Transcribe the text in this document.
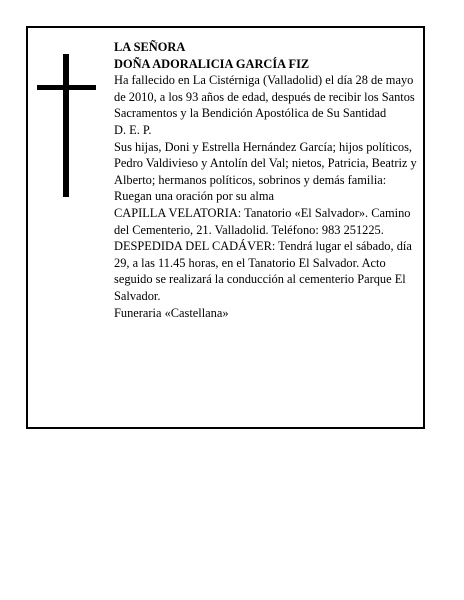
LA SEÑORA

DOÑA ADORALICIA GARCÍA FIZ

Ha fallecido en La Cistérniga (Valladolid) el día 28 de mayo de 2010, a los 93 años de edad, después de recibir los Santos Sacramentos y la Bendición Apostólica de Su Santidad

D. E. P.

Sus hijas, Doni y Estrella Hernández García; hijos políticos, Pedro Valdivieso y Antolín del Val; nietos, Patricia, Beatriz y Alberto; hermanos políticos, sobrinos y demás familia:

Ruegan una oración por su alma

CAPILLA VELATORIA: Tanatorio «El Salvador». Camino del Cementerio, 21. Valladolid. Teléfono: 983 251225.

DESPEDIDA DEL CADÁVER: Tendrá lugar el sábado, día 29, a las 11.45 horas, en el Tanatorio El Salvador. Acto seguido se realizará la conducción al cementerio Parque El Salvador.

Funeraria «Castellana»
